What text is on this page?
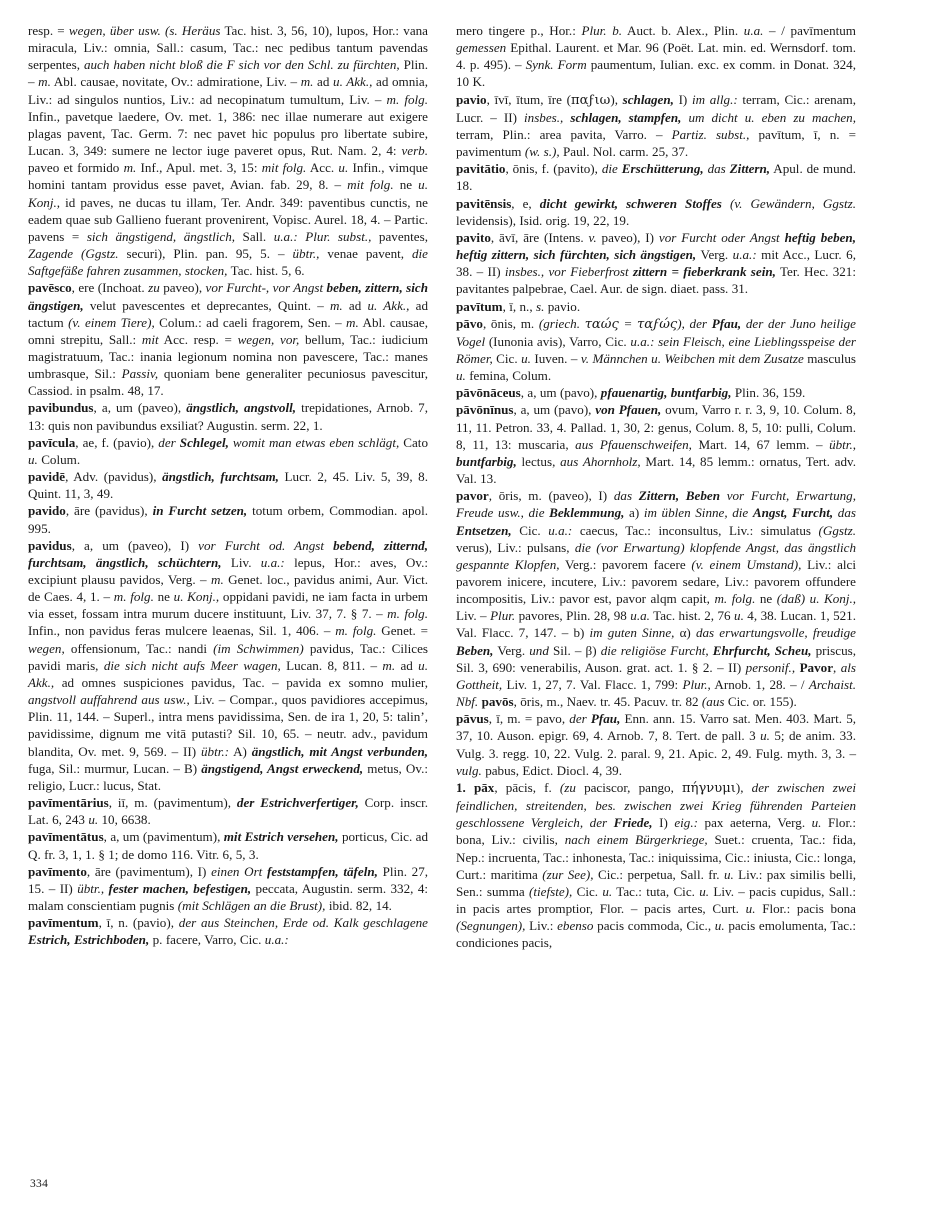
resp. = wegen, über usw. (s. Heräus Tac. hist. 3, 56, 10), lupos, Hor.: vana miracula, Liv.: omnia, Sall.: casum, Tac.: nec pedibus tantum pavendas serpentes, auch haben nicht bloß die F sich vor den Schl. zu fürchten, Plin. – m. Abl. causae, novitate, Ov.: admiratione, Liv. – m. ad u. Akk., ad omnia, Liv.: ad singulos nuntios, Liv.: ad necopinatum tumultum, Liv. – m. folg. Infin., pavetque laedere, Ov. met. 1, 386: nec illae numerare aut exigere plagas pavent, Tac. Germ. 7: nec pavet hic populus pro libertate subire, Lucan. 3, 349: sumere ne lector iuge paveret opus, Rut. Nam. 2, 4: verb. paveo et formido m. Inf., Apul. met. 3, 15: mit folg. Acc. u. Infin., vimque homini tantam providus esse pavet, Avian. fab. 29, 8. – mit folg. ne u. Konj., id paves, ne ducas tu illam, Ter. Andr. 349: paventibus cunctis, ne eadem quae sub Gallieno fuerant provenirent, Vopisc. Aurel. 18, 4. – Partic. pavens = sich ängstigend, ängstlich, Sall. u.a.: Plur. subst., paventes, Zagende (Ggstz. securi), Plin. pan. 95, 5. – übtr., venae pavent, die Saftgefäße fahren zusammen, stocken, Tac. hist. 5, 6.

pavēsco, ere (Inchoat. zu paveo), vor Furcht-, vor Angst beben, zittern, sich ängstigen, velut pavescentes et deprecantes, Quint. – m. ad u. Akk., ad tactum (v. einem Tiere), Colum.: ad caeli fragorem, Sen. – m. Abl. causae, omni strepitu, Sall.: mit Acc. resp. = wegen, vor, bellum, Tac.: iudicium magistratuum, Tac.: inania legionum nomina non pavescere, Tac.: manes umbrasque, Sil.: Passiv, quoniam bene generaliter pecuniosus pavescitur, Cassiod. in psalm. 48, 17.

pavibundus, a, um (paveo), ängstlich, angstvoll, trepidationes, Arnob. 7, 13: quis non pavibundus exsiliat? Augustin. serm. 22, 1.

pavīcula, ae, f. (pavio), der Schlegel, womit man etwas eben schlägt, Cato u. Colum.

pavidē, Adv. (pavidus), ängstlich, furchtsam, Lucr. 2, 45. Liv. 5, 39, 8. Quint. 11, 3, 49.

pavido, āre (pavidus), in Furcht setzen, totum orbem, Commodian. apol. 995.

pavidus, a, um (paveo), I) vor Furcht od. Angst bebend, zitternd, furchtsam, ängstlich, schüchtern, Liv. u.a.: lepus, Hor.: aves, Ov.: excipiunt plausu pavidos, Verg. – m. Genet. loc., pavidus animi, Aur. Vict. de Caes. 4, 1. – m. folg. ne u. Konj., oppidani pavidi, ne iam facta in urbem via esset, fossam intra murum ducere instituunt, Liv. 37, 7. § 7. – m. folg. Infin., non pavidus feras mulcere leaenas, Sil. 1, 406. – m. folg. Genet. = wegen, offensionum, Tac.: nandi (im Schwimmen) pavidus, Tac.: Cilices pavidi maris, die sich nicht aufs Meer wagen, Lucan. 8, 811. – m. ad u. Akk., ad omnes suspiciones pavidus, Tac. – pavida ex somno mulier, angstvoll auffahrend aus usw., Liv. – Compar., quos pavidiores accepimus, Plin. 11, 144. – Superl., intra mens pavidissima, Sen. de ira 1, 20, 5: talin’, pavidissime, dignum me vitā putasti? Sil. 10, 65. – neutr. adv., pavidum blandita, Ov. met. 9, 569. – II) übtr.: A) ängstlich, mit Angst verbunden, fuga, Sil.: murmur, Lucan. – B) ängstigend, Angst erweckend, metus, Ov.: religio, Lucr.: lucus, Stat.

pavīmentārius, iī, m. (pavimentum), der Estrichverfertiger, Corp. inscr. Lat. 6, 243 u. 10, 6638.

pavīmentātus, a, um (pavimentum), mit Estrich versehen, porticus, Cic. ad Q. fr. 3, 1, 1. § 1; de domo 116. Vitr. 6, 5, 3.

pavīmento, āre (pavimentum), I) einen Ort feststampfen, täfeln, Plin. 27, 15. – II) übtr., fester machen, befestigen, peccata, Augustin. serm. 332, 4: malam conscientiam pugnis (mit Schlägen an die Brust), ibid. 82, 14.

pavīmentum, ī, n. (pavio), der aus Steinchen, Erde od. Kalk geschlagene Estrich, Estrichboden, p. facere, Varro, Cic. u.a.:

mero tingere p., Hor.: Plur. b. Auct. b. Alex., Plin. u.a. – / pavīmentum gemessen Epithal. Laurent. et Mar. 96 (Poët. Lat. min. ed. Wernsdorf. tom. 4. p. 495). – Synk. Form paumentum, Iulian. exc. ex comm. in Donat. 324, 10 K.

pavio, īvī, ītum, īre (παϝιω), schlagen, I) im allg.: terram, Cic.: arenam, Lucr. – II) insbes., schlagen, stampfen, um dicht u. eben zu machen, terram, Plin.: area pavita, Varro. – Partiz. subst., pavītum, ī, n. = pavimentum (w. s.), Paul. Nol. carm. 25, 37.

pavitātio, ōnis, f. (pavito), die Erschütterung, das Zittern, Apul. de mund. 18.

pavitēnsis, e, dicht gewirkt, schweren Stoffes (v. Gewändern, Ggstz. levidensis), Isid. orig. 19, 22, 19.

pavito, āvī, āre (Intens. v. paveo), I) vor Furcht oder Angst heftig beben, heftig zittern, sich fürchten, sich ängstigen, Verg. u.a.: mit Acc., Lucr. 6, 38. – II) insbes., vor Fieberfrost zittern = fieberkrank sein, Ter. Hec. 321: pavitantes palpebrae, Cael. Aur. de sign. diaet. pass. 31.

pavītum, ī, n., s. pavio.

pāvo, ōnis, m. (griech. ταώς = ταϝώς), der Pfau, der der Juno heilige Vogel (Iunonia avis), Varro, Cic. u.a.: sein Fleisch, eine Lieblingsspeise der Römer, Cic. u. Iuven. – v. Männchen u. Weibchen mit dem Zusatze masculus u. femina, Colum.

pāvōnāceus, a, um (pavo), pfauenartig, buntfarbig, Plin. 36, 159.

pāvōnīnus, a, um (pavo), von Pfauen, ovum, Varro r. r. 3, 9, 10. Colum. 8, 11, 11. Petron. 33, 4. Pallad. 1, 30, 2: genus, Colum. 8, 5, 10: pulli, Colum. 8, 11, 13: muscaria, aus Pfauenschweifen, Mart. 14, 67 lemm. – übtr., buntfarbig, lectus, aus Ahornholz, Mart. 14, 85 lemm.: ornatus, Tert. adv. Val. 13.

pavor, ōris, m. (paveo), I) das Zittern, Beben vor Furcht, Erwartung, Freude usw., die Beklemmung, a) im üblen Sinne, die Angst, Furcht, das Entsetzen, Cic. u.a.: caecus, Tac.: inconsultus, Liv.: simulatus (Ggstz. verus), Liv.: pulsans, die (vor Erwartung) klopfende Angst, das ängstlich gespannte Klopfen, Verg.: pavorem facere (v. einem Umstand), Liv.: alci pavorem inicere, incutere, Liv.: pavorem sedare, Liv.: pavorem offundere incompositis, Liv.: pavor est, pavor alqm capit, m. folg. ne (daß) u. Konj., Liv. – Plur. pavores, Plin. 28, 98 u.a. Tac. hist. 2, 76 u. 4, 38. Lucan. 1, 521. Val. Flacc. 7, 147. – b) im guten Sinne, α) das erwartungsvolle, freudige Beben, Verg. und Sil. – β) die religiöse Furcht, Ehrfurcht, Scheu, priscus, Sil. 3, 690: venerabilis, Auson. grat. act. 1. § 2. – II) personif., Pavor, als Gottheit, Liv. 1, 27, 7. Val. Flacc. 1, 799: Plur., Arnob. 1, 28. – / Archaist. Nbf. pavōs, ōris, m., Naev. tr. 45. Pacuv. tr. 82 (aus Cic. or. 155).

pāvus, ī, m. = pavo, der Pfau, Enn. ann. 15. Varro sat. Men. 403. Mart. 5, 37, 10. Auson. epigr. 69, 4. Arnob. 7, 8. Tert. de pall. 3 u. 5; de anim. 33. Vulg. 3. regg. 10, 22. Vulg. 2. paral. 9, 21. Apic. 2, 49. Fulg. myth. 3, 3. – vulg. pabus, Edict. Diocl. 4, 39.

1. pāx, pācis, f. (zu paciscor, pango, πήγνυμι), der zwischen zwei feindlichen, streitenden, bes. zwischen zwei Krieg führenden Parteien geschlossene Vergleich, der Friede, I) eig.: pax aeterna, Verg. u. Flor.: bona, Liv.: civilis, nach einem Bürgerkriege, Suet.: cruenta, Tac.: fida, Nep.: incruenta, Tac.: inhonesta, Tac.: iniquissima, Cic.: iniusta, Cic.: longa, Curt.: maritima (zur See), Cic.: perpetua, Sall. fr. u. Liv.: pax similis belli, Sen.: summa (tiefste), Cic. u. Tac.: tuta, Cic. u. Liv. – pacis cupidus, Sall.: in pacis artes promptior, Flor. – pacis artes, Curt. u. Flor.: pacis bona (Segnungen), Liv.: ebenso pacis commoda, Cic., u. pacis emolumenta, Tac.: condiciones pacis,

334
